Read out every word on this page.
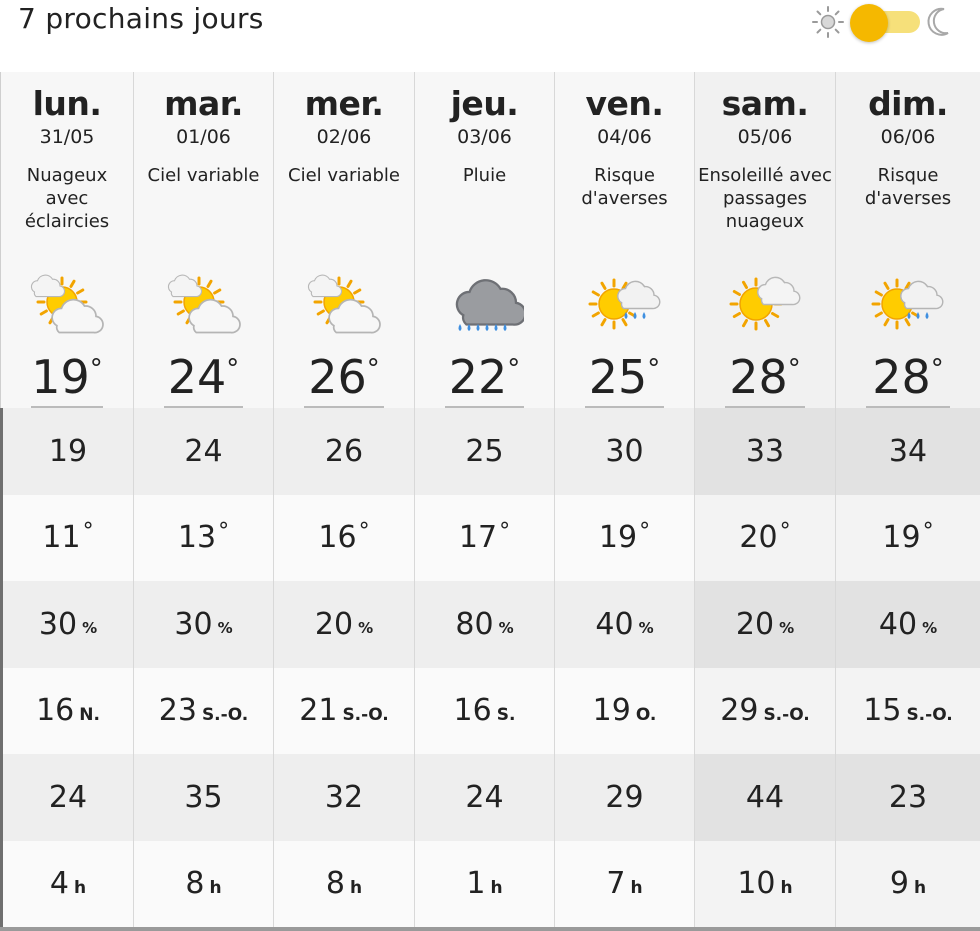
7 prochains jours
lun.
31/05
Nuageux avec éclaircies
19°
19
11 °
30 %
16 N.
24
4 h
mar.
01/06
Ciel variable
24°
24
13 °
30 %
23 S.-O.
35
8 h
mer.
02/06
Ciel variable
26°
26
16 °
20 %
21 S.-O.
32
8 h
jeu.
03/06
Pluie
22°
25
17 °
80 %
16 S.
24
1 h
ven.
04/06
Risque d'averses
25°
30
19 °
40 %
19 O.
29
7 h
sam.
05/06
Ensoleillé avec passages nuageux
28°
33
20 °
20 %
29 S.-O.
44
10 h
dim.
06/06
Risque d'averses
28°
34
19 °
40 %
15 S.-O.
23
9 h
